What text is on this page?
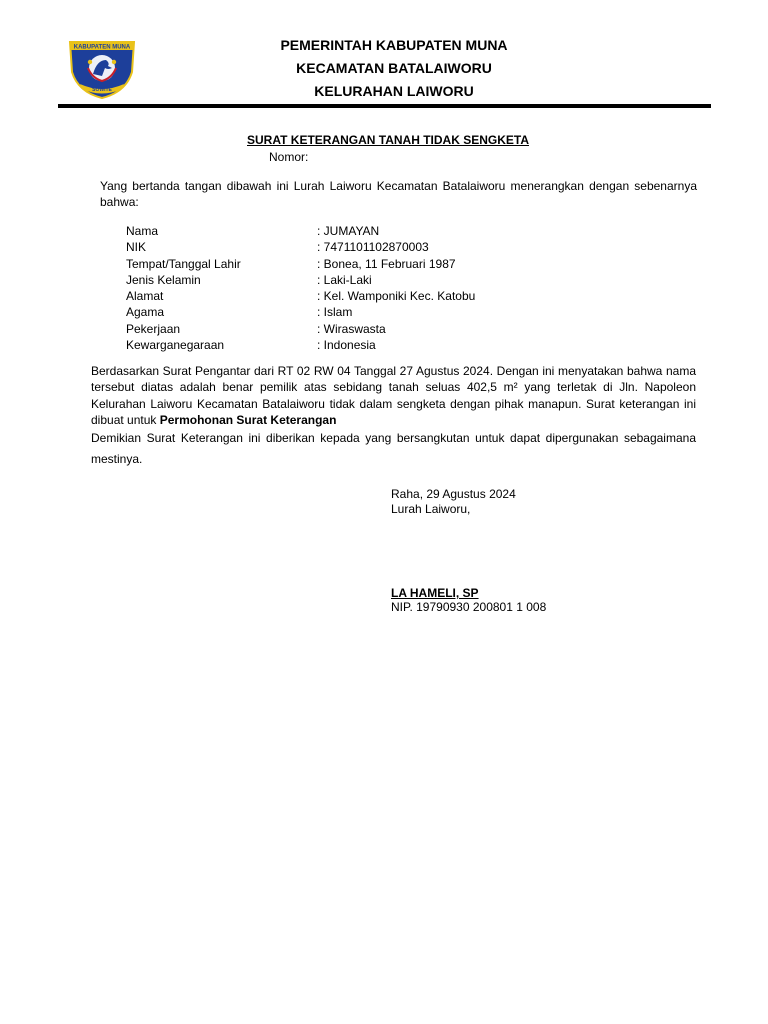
KABUPATEN MUNA
SOWITE
PEMERINTAH KABUPATEN MUNA
KECAMATAN BATALAIWORU
KELURAHAN LAIWORU
SURAT KETERANGAN TANAH TIDAK SENGKETA
Nomor:
Yang bertanda tangan dibawah ini Lurah Laiworu Kecamatan Batalaiworu menerangkan dengan sebenarnya bahwa:
Nama	: JUMAYAN
NIK	: 7471101102870003
Tempat/Tanggal Lahir	: Bonea, 11 Februari 1987
Jenis Kelamin	: Laki-Laki
Alamat	: Kel. Wamponiki Kec. Katobu
Agama	: Islam
Pekerjaan	: Wiraswasta
Kewarganegaraan	: Indonesia
Berdasarkan Surat Pengantar dari RT 02 RW 04 Tanggal 27 Agustus 2024. Dengan ini menyatakan bahwa nama tersebut diatas adalah benar pemilik atas sebidang tanah seluas 402,5 m² yang terletak di Jln. Napoleon Kelurahan Laiworu Kecamatan Batalaiworu tidak dalam sengketa dengan pihak manapun. Surat keterangan ini dibuat untuk Permohonan Surat Keterangan
Demikian Surat Keterangan ini diberikan kepada yang bersangkutan untuk dapat dipergunakan sebagaimana mestinya.
Raha, 29 Agustus 2024
Lurah Laiworu,
LA HAMELI, SP
NIP. 19790930 200801 1 008
